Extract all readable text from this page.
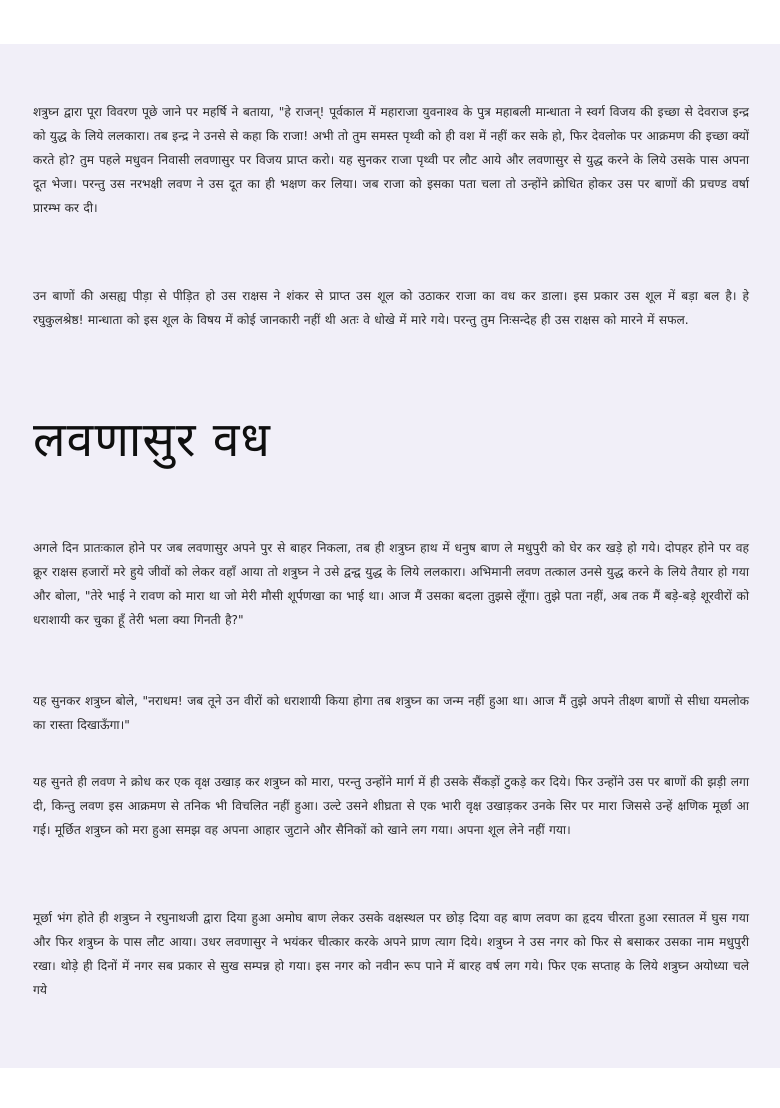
शत्रुघ्न द्वारा पूरा विवरण पूछे जाने पर महर्षि ने बताया, "हे राजन्! पूर्वकाल में महाराजा युवनाश्व के पुत्र महाबली मान्धाता ने स्वर्ग विजय की इच्छा से देवराज इन्द्र को युद्ध के लिये ललकारा। तब इन्द्र ने उनसे से कहा कि राजा! अभी तो तुम समस्त पृथ्वी को ही वश में नहीं कर सके हो, फिर देवलोक पर आक्रमण की इच्छा क्यों करते हो? तुम पहले मधुवन निवासी लवणासुर पर विजय प्राप्त करो। यह सुनकर राजा पृथ्वी पर लौट आये और लवणासुर से युद्ध करने के लिये उसके पास अपना दूत भेजा। परन्तु उस नरभक्षी लवण ने उस दूत का ही भक्षण कर लिया। जब राजा को इसका पता चला तो उन्होंने क्रोधित होकर उस पर बाणों की प्रचण्ड वर्षा प्रारम्भ कर दी।

उन बाणों की असह्य पीड़ा से पीड़ित हो उस राक्षस ने शंकर से प्राप्त उस शूल को उठाकर राजा का वध कर डाला। इस प्रकार उस शूल में बड़ा बल है। हे रघुकुलश्रेष्ठ! मान्धाता को इस शूल के विषय में कोई जानकारी नहीं थी अतः वे धोखे में मारे गये। परन्तु तुम निःसन्देह ही उस राक्षस को मारने में सफल.

लवणासुर वध

अगले दिन प्रातःकाल होने पर जब लवणासुर अपने पुर से बाहर निकला, तब ही शत्रुघ्न हाथ में धनुष बाण ले मधुपुरी को घेर कर खड़े हो गये। दोपहर होने पर वह क्रूर राक्षस हजारों मरे हुये जीवों को लेकर वहाँ आया तो शत्रुघ्न ने उसे द्वन्द्व युद्ध के लिये ललकारा। अभिमानी लवण तत्काल उनसे युद्ध करने के लिये तैयार हो गया और बोला, "तेरे भाई ने रावण को मारा था जो मेरी मौसी शूर्पणखा का भाई था। आज मैं उसका बदला तुझसे लूँगा। तुझे पता नहीं, अब तक मैं बड़े-बड़े शूरवीरों को धराशायी कर चुका हूँ तेरी भला क्या गिनती है?"

यह सुनकर शत्रुघ्न बोले, "नराधम! जब तूने उन वीरों को धराशायी किया होगा तब शत्रुघ्न का जन्म नहीं हुआ था। आज मैं तुझे अपने तीक्ष्ण बाणों से सीधा यमलोक का रास्ता दिखाऊँगा।"

यह सुनते ही लवण ने क्रोध कर एक वृक्ष उखाड़ कर शत्रुघ्न को मारा, परन्तु उन्होंने मार्ग में ही उसके सैंकड़ों टुकड़े कर दिये। फिर उन्होंने उस पर बाणों की झड़ी लगा दी, किन्तु लवण इस आक्रमण से तनिक भी विचलित नहीं हुआ। उल्टे उसने शीघ्रता से एक भारी वृक्ष उखाड़कर उनके सिर पर मारा जिससे उन्हें क्षणिक मूर्छा आ गई। मूर्छित शत्रुघ्न को मरा हुआ समझ वह अपना आहार जुटाने और सैनिकों को खाने लग गया। अपना शूल लेने नहीं गया।

मूर्छा भंग होते ही शत्रुघ्न ने रघुनाथजी द्वारा दिया हुआ अमोघ बाण लेकर उसके वक्षस्थल पर छोड़ दिया वह बाण लवण का हृदय चीरता हुआ रसातल में घुस गया और फिर शत्रुघ्न के पास लौट आया। उधर लवणासुर ने भयंकर चीत्कार करके अपने प्राण त्याग दिये। शत्रुघ्न ने उस नगर को फिर से बसाकर उसका नाम मधुपुरी रखा। थोड़े ही दिनों में नगर सब प्रकार से सुख सम्पन्न हो गया। इस नगर को नवीन रूप पाने में बारह वर्ष लग गये। फिर एक सप्ताह के लिये शत्रुघ्न अयोध्या चले गये
